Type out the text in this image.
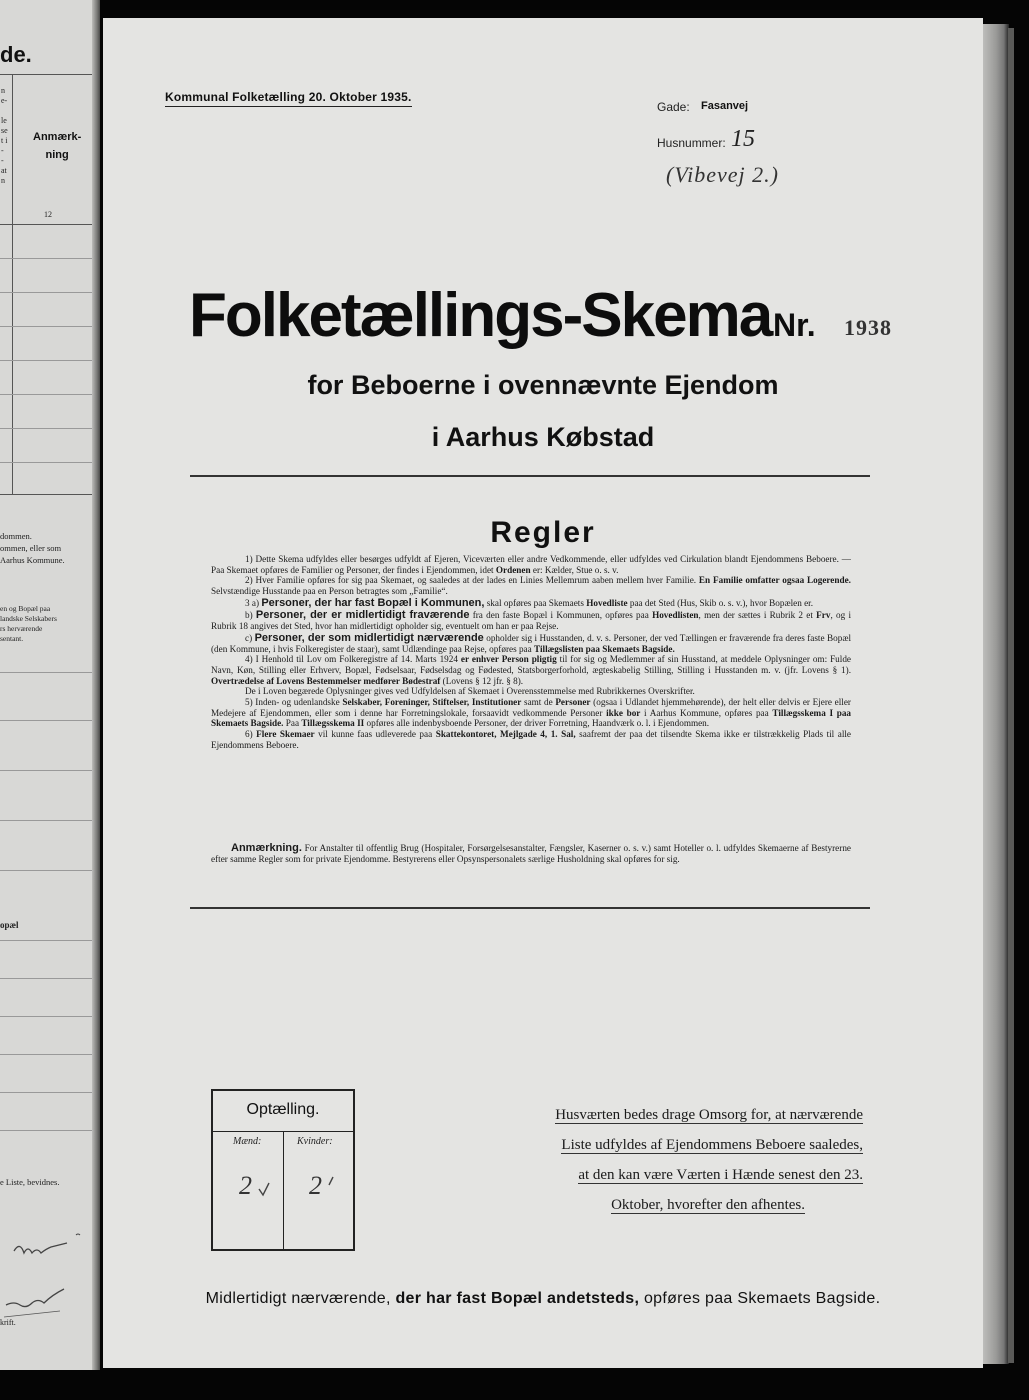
de.
n
e-

le
se
t i
-
-
at
n
Anmærk-
ning
12
dommen.
ommen, eller som
Aarhus Kommune.
en og Bopæl paa
landske Selskabers
rs herværende
sentant.
opæl
e Liste, bevidnes.
krift.
Kommunal Folketælling 20. Oktober 1935.
Gade: Fasanvej
Husnummer: 15
(Vibevej 2.)
Folketællings-Skema Nr. 1938
for Beboerne i ovennævnte Ejendom
i Aarhus Købstad
Regler

1) Dette Skema udfyldes eller besørges udfyldt af Ejeren, Viceværten eller andre Vedkommende, eller udfyldes ved Cirkulation blandt Ejendommens Beboere. — Paa Skemaet opføres de Familier og Personer, der findes i Ejendommen, idet Ordenen er: Kælder, Stue o. s. v.

2) Hver Familie opføres for sig paa Skemaet, og saaledes at der lades en Linies Mellemrum aaben mellem hver Familie. En Familie omfatter ogsaa Logerende. Selvstændige Husstande paa en Person betragtes som „Familie“.

3 a) Personer, der har fast Bopæl i Kommunen, skal opføres paa Skemaets Hovedliste paa det Sted (Hus, Skib o. s. v.), hvor Bopælen er.

b) Personer, der er midlertidigt fraværende fra den faste Bopæl i Kommunen, opføres paa Hovedlisten, men der sættes i Rubrik 2 et Frv, og i Rubrik 18 angives det Sted, hvor han midlertidigt opholder sig, eventuelt om han er paa Rejse.

c) Personer, der som midlertidigt nærværende opholder sig i Husstanden, d. v. s. Personer, der ved Tællingen er fraværende fra deres faste Bopæl (den Kommune, i hvis Folkeregister de staar), samt Udlændinge paa Rejse, opføres paa Tillægslisten paa Skemaets Bagside.

4) I Henhold til Lov om Folkeregistre af 14. Marts 1924 er enhver Person pligtig til for sig og Medlemmer af sin Husstand, at meddele Oplysninger om: Fulde Navn, Køn, Stilling eller Erhverv, Bopæl, Fødselsaar, Fødselsdag og Fødested, Statsborgerforhold, ægteskabelig Stilling, Stilling i Husstanden m. v. (jfr. Lovens § 1). Overtrædelse af Lovens Bestemmelser medfører Bødestraf (Lovens § 12 jfr. § 8).

De i Loven begærede Oplysninger gives ved Udfyldelsen af Skemaet i Overensstemmelse med Rubrikkernes Overskrifter.

5) Inden- og udenlandske Selskaber, Foreninger, Stiftelser, Institutioner samt de Personer (ogsaa i Udlandet hjemmehørende), der helt eller delvis er Ejere eller Medejere af Ejendommen, eller som i denne har Forretningslokale, forsaavidt vedkommende Personer ikke bor i Aarhus Kommune, opføres paa Tillægsskema I paa Skemaets Bagside. Paa Tillægsskema II opføres alle indenbysboende Personer, der driver Forretning, Haandværk o. l. i Ejendommen.

6) Flere Skemaer vil kunne faas udleverede paa Skattekontoret, Mejlgade 4, 1. Sal, saafremt der paa det tilsendte Skema ikke er tilstrækkelig Plads til alle Ejendommens Beboere.

Anmærkning. For Anstalter til offentlig Brug (Hospitaler, Forsørgelsesanstalter, Fængsler, Kaserner o. s. v.) samt Hoteller o. l. udfyldes Skemaerne af Bestyrerne efter samme Regler som for private Ejendomme. Bestyrerens eller Opsynspersonalets særlige Husholdning skal opføres for sig.
Optælling.
Mænd:	Kvinder:
2 2
Husværten bedes drage Omsorg for, at nærværende
Liste udfyldes af Ejendommens Beboere saaledes,
at den kan være Værten i Hænde senest den 23.
Oktober, hvorefter den afhentes.
Midlertidigt nærværende, der har fast Bopæl andetsteds, opføres paa Skemaets Bagside.
